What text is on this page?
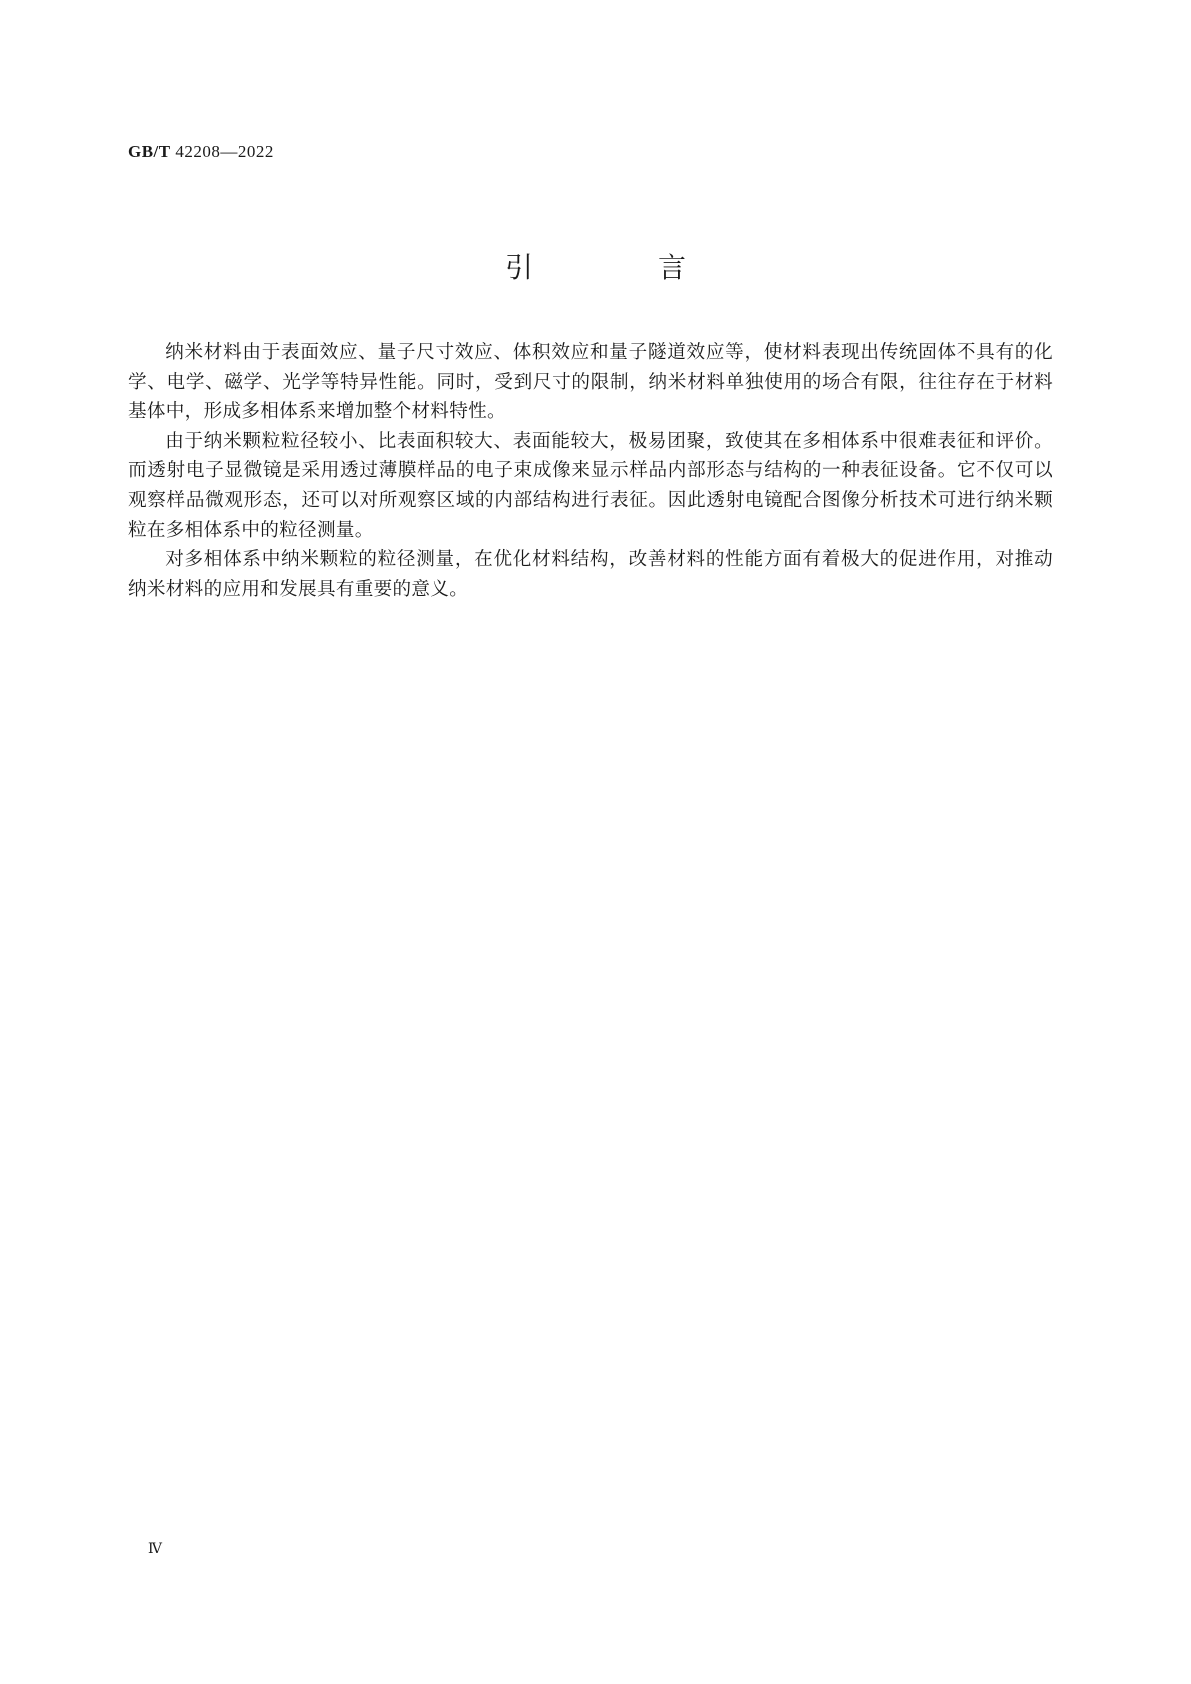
GB/T 42208—2022
引 言

纳米材料由于表面效应、量子尺寸效应、体积效应和量子隧道效应等，使材料表现出传统固体不具有的化学、电学、磁学、光学等特异性能。同时，受到尺寸的限制，纳米材料单独使用的场合有限，往往存在于材料基体中，形成多相体系来增加整个材料特性。

由于纳米颗粒粒径较小、比表面积较大、表面能较大，极易团聚，致使其在多相体系中很难表征和评价。而透射电子显微镜是采用透过薄膜样品的电子束成像来显示样品内部形态与结构的一种表征设备。它不仅可以观察样品微观形态，还可以对所观察区域的内部结构进行表征。因此透射电镜配合图像分析技术可进行纳米颗粒在多相体系中的粒径测量。

对多相体系中纳米颗粒的粒径测量，在优化材料结构，改善材料的性能方面有着极大的促进作用，对推动纳米材料的应用和发展具有重要的意义。

Ⅳ
